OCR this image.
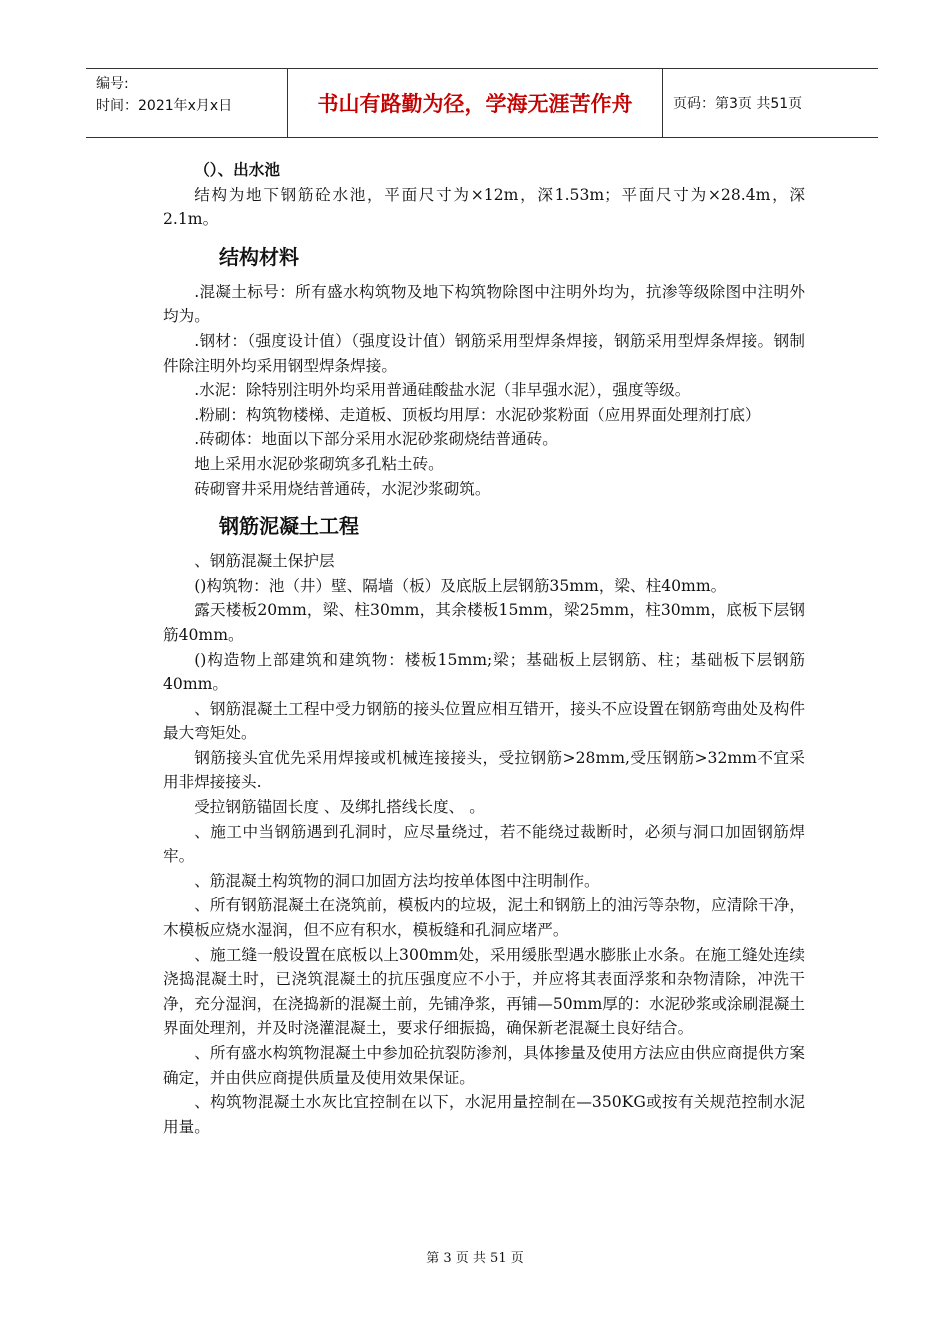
编号:
时间：2021年x月x日	书山有路勤为径，学海无涯苦作舟	页码：第3页 共51页

（）、出水池

结构为地下钢筋砼水池，平面尺寸为×12m，深1.53m；平面尺寸为×28.4m，深2.1m。

结构材料

.混凝土标号：所有盛水构筑物及地下构筑物除图中注明外均为，抗渗等级除图中注明外均为。

.钢材：（强度设计值）（强度设计值）钢筋采用型焊条焊接，钢筋采用型焊条焊接。钢制件除注明外均采用钢型焊条焊接。

.水泥：除特别注明外均采用普通硅酸盐水泥（非早强水泥），强度等级。

.粉刷：构筑物楼梯、走道板、顶板均用厚：水泥砂浆粉面（应用界面处理剂打底）

.砖砌体：地面以下部分采用水泥砂浆砌烧结普通砖。

地上采用水泥砂浆砌筑多孔粘土砖。

砖砌窨井采用烧结普通砖，水泥沙浆砌筑。

钢筋泥凝土工程

、钢筋混凝土保护层

()构筑物：池（井）壁、隔墙（板）及底版上层钢筋35mm，梁、柱40mm。

露天楼板20mm，梁、柱30mm，其余楼板15mm，梁25mm，柱30mm，底板下层钢筋40mm。

()构造物上部建筑和建筑物：楼板15mm;梁；基础板上层钢筋、柱；基础板下层钢筋40mm。

、钢筋混凝土工程中受力钢筋的接头位置应相互错开，接头不应设置在钢筋弯曲处及构件最大弯矩处。

钢筋接头宜优先采用焊接或机械连接接头，受拉钢筋>28mm,受压钢筋>32mm不宜采用非焊接接头.

受拉钢筋锚固长度 、及绑扎搭线长度、 。

、施工中当钢筋遇到孔洞时，应尽量绕过，若不能绕过裁断时，必须与洞口加固钢筋焊牢。

、筋混凝土构筑物的洞口加固方法均按单体图中注明制作。

、所有钢筋混凝土在浇筑前，模板内的垃圾，泥土和钢筋上的油污等杂物，应清除干净，木模板应烧水湿润，但不应有积水，模板缝和孔洞应堵严。

、施工缝一般设置在底板以上300mm处，采用缓胀型遇水膨胀止水条。在施工缝处连续浇捣混凝土时，已浇筑混凝土的抗压强度应不小于，并应将其表面浮浆和杂物清除，冲洗干净，充分湿润，在浇捣新的混凝土前，先铺净浆，再铺—50mm厚的：水泥砂浆或涂刷混凝土界面处理剂，并及时浇灌混凝土，要求仔细振捣，确保新老混凝土良好结合。

、所有盛水构筑物混凝土中参加砼抗裂防渗剂，具体掺量及使用方法应由供应商提供方案确定，并由供应商提供质量及使用效果保证。

、构筑物混凝土水灰比宜控制在以下，水泥用量控制在—350KG或按有关规范控制水泥用量。

第 3 页 共 51 页
